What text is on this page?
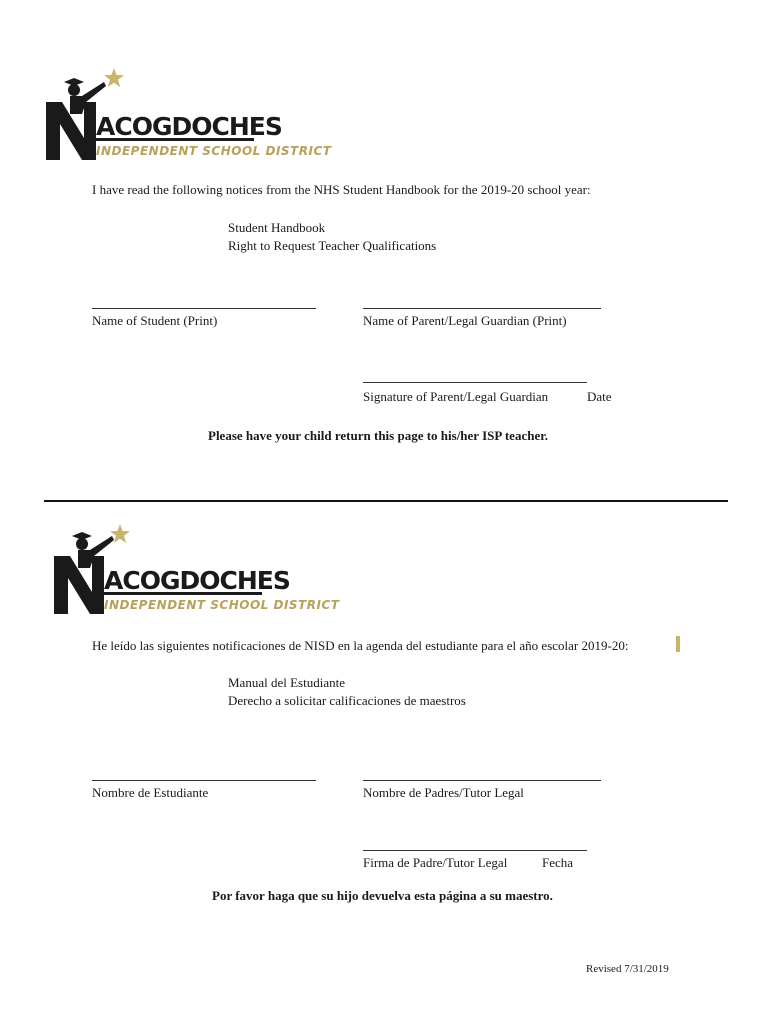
ACOGDOCHES
INDEPENDENT SCHOOL DISTRICT
I have read the following notices from the NHS Student Handbook for the 2019-20 school year:
Student Handbook
Right to Request Teacher Qualifications
Name of Student (Print)	Name of Parent/Legal Guardian (Print)
Signature of Parent/Legal Guardian	Date
Please have your child return this page to his/her ISP teacher.
ACOGDOCHES
INDEPENDENT SCHOOL DISTRICT
He leído las siguientes notificaciones de NISD en la agenda del estudiante para el año escolar 2019-20:
Manual del Estudiante
Derecho a solicitar calificaciones de maestros
Nombre de Estudiante	Nombre de Padres/Tutor Legal
Firma de Padre/Tutor Legal	Fecha
Por favor haga que su hijo devuelva esta página a su maestro.
Revised 7/31/2019
